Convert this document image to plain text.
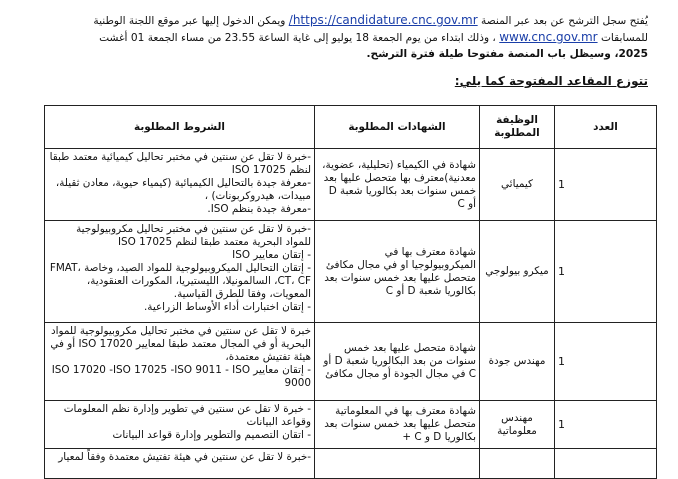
يُفتح سجل الترشح عن بعد عبر المنصة https://candidature.cnc.gov.mr/ ويمكن الدخول إليها عبر موقع اللجنة الوطنية
للمسابقات www.cnc.gov.mr ، وذلك ابتداء من يوم الجمعة 18 يوليو إلى غاية الساعة 23.55 من مساء الجمعة 01 أغشت
2025، وسيظل باب المنصة مفتوحا طيلة فترة الترشح.
تتوزع المقاعد المفتوحة كما يلي:
العدد	الوظيفة المطلوبة	الشهادات المطلوبة	الشروط المطلوبة
1	كيميائي	شهادة في الكيمياء (تحليلية، عضوية، معدنية)معترف بها متحصل عليها بعد خمس سنوات بعد بكالوريا شعبة D أو C	-خبرة لا تقل عن سنتين في مختبر تحاليل كيميائية معتمد طبقا لنظم ISO 17025
-معرفة جيدة بالتحاليل الكيميائية (كيمياء حيوية، معادن ثقيلة، مبيدات، هيدروكربونات) ،
-معرفة جيدة بنظم ISO.

1	ميكرو بيولوجي	شهادة معترف بها في الميكروبيولوجيا او في مجال مكافئ متحصل عليها بعد خمس سنوات بعد بكالوريا شعبة D أو C	-خبرة لا تقل عن سنتين في مختبر تحاليل مكروبيولوجية للمواد البحرية معتمد طبقا لنظم ISO 17025
- إتقان معايير ISO
- إتقان التحاليل الميكروبيولوجية للمواد الصيد، وخاصة FMAT، CT، CF، السالمونيلا، الليستيريا، المكورات العنقودية، المعويات، وفقا للطرق القياسية.
- إتقان اختبارات أداء الأوساط الزراعية.

1	مهندس جودة	شهادة متحصل عليها بعد خمس سنوات من بعد البكالوريا شعبة D أو C في مجال الجودة أو مجال مكافئ	خبرة لا تقل عن سنتين في مختبر تحاليل مكروبيولوجية للمواد البحرية أو في المجال معتمد طبقا لمعايير ISO 17020 أو في هيئة تفتيش معتمدة،
- إتقان معايير ISO 17020 -ISO 17025 -ISO 9011 - ISO 9000

1	مهندس معلوماتية	شهادة معترف بها في المعلوماتية متحصل عليها بعد خمس سنوات بعد بكالوريا D و C +	- خبرة لا تقل عن سنتين في تطوير وإدارة نظم المعلومات وقواعد البيانات
- اتقان التصميم والتطوير وإدارة قواعد البيانات

			-خبرة لا تقل عن سنتين في هيئة تفتيش معتمدة وفقاً لمعيار
